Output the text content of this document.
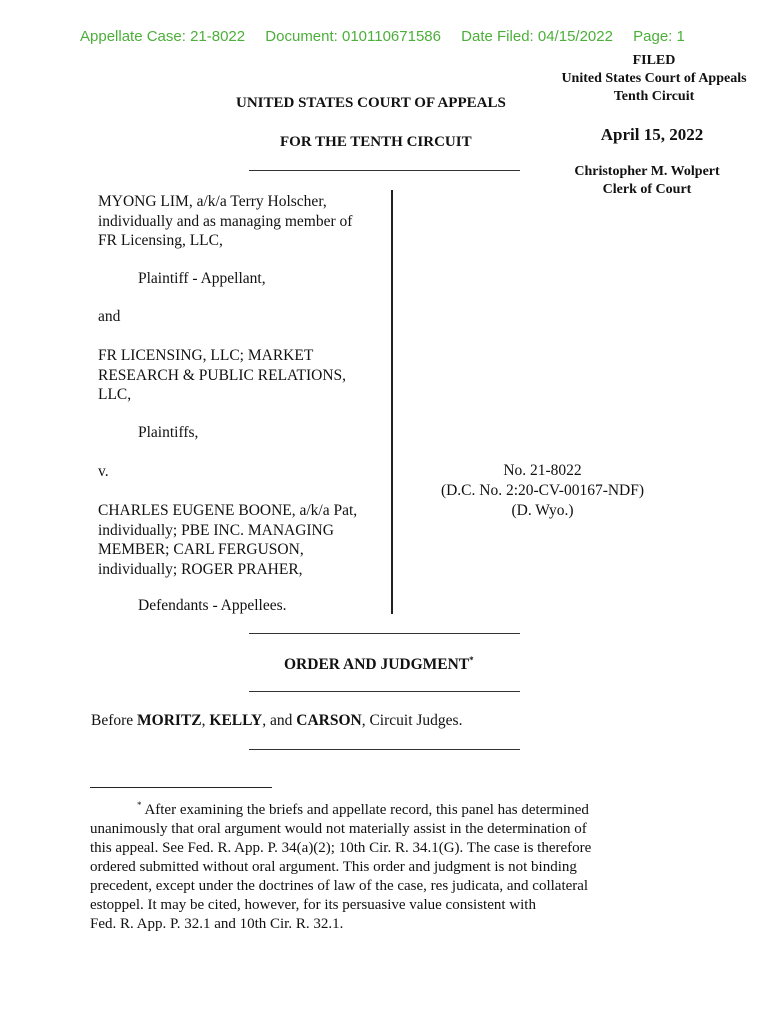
Appellate Case: 21-8022 Document: 010110671586 Date Filed: 04/15/2022 Page: 1
FILED
United States Court of Appeals
Tenth Circuit
April 15, 2022
Christopher M. Wolpert
Clerk of Court
UNITED STATES COURT OF APPEALS
FOR THE TENTH CIRCUIT
MYONG LIM, a/k/a Terry Holscher,
individually and as managing member of
FR Licensing, LLC,
Plaintiff - Appellant,
and
FR LICENSING, LLC; MARKET
RESEARCH & PUBLIC RELATIONS,
LLC,
Plaintiffs,
v.
CHARLES EUGENE BOONE, a/k/a Pat,
individually; PBE INC. MANAGING
MEMBER; CARL FERGUSON,
individually; ROGER PRAHER,
Defendants - Appellees.
No. 21-8022
(D.C. No. 2:20-CV-00167-NDF)
(D. Wyo.)
ORDER AND JUDGMENT*
Before MORITZ, KELLY, and CARSON, Circuit Judges.
* After examining the briefs and appellate record, this panel has determined
unanimously that oral argument would not materially assist in the determination of
this appeal. See Fed. R. App. P. 34(a)(2); 10th Cir. R. 34.1(G). The case is therefore
ordered submitted without oral argument. This order and judgment is not binding
precedent, except under the doctrines of law of the case, res judicata, and collateral
estoppel. It may be cited, however, for its persuasive value consistent with
Fed. R. App. P. 32.1 and 10th Cir. R. 32.1.
